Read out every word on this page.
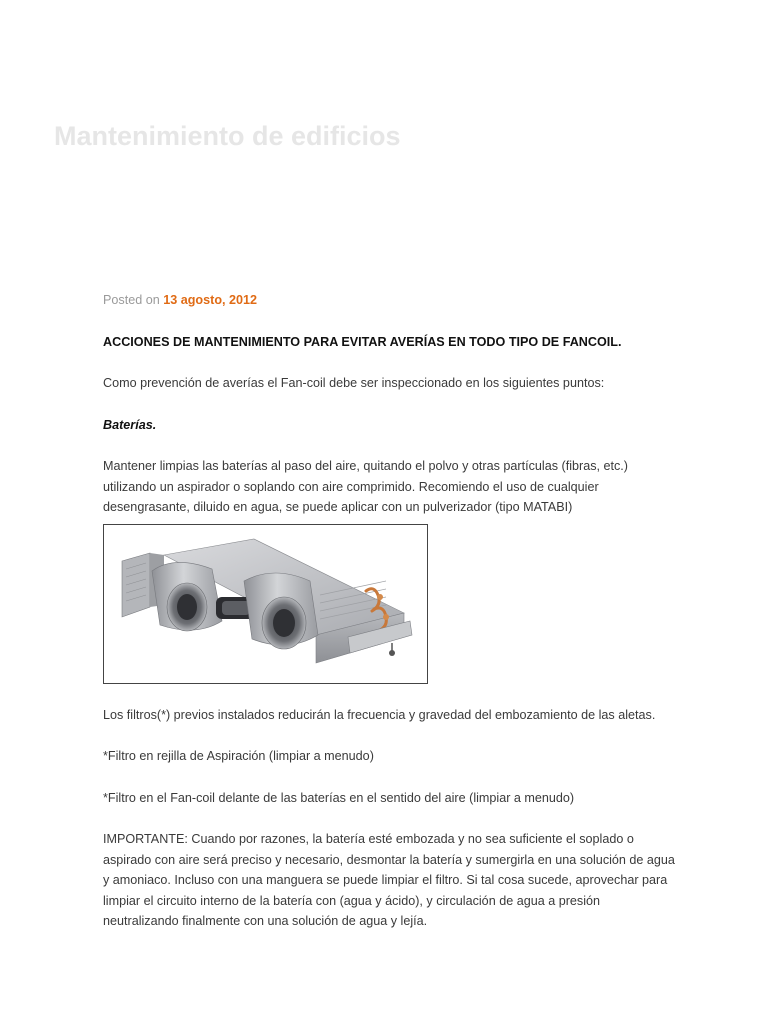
Mantenimiento de edificios

Posted on 13 agosto, 2012

ACCIONES DE MANTENIMIENTO PARA EVITAR AVERÍAS EN TODO TIPO DE FANCOIL.

Como prevención de averías el Fan-coil debe ser inspeccionado en los siguientes puntos:

Baterías.

Mantener limpias las baterías al paso del aire, quitando el polvo y otras partículas (fibras, etc.) utilizando un aspirador o soplando con aire comprimido. Recomiendo el uso de cualquier desengrasante, diluido en agua, se puede aplicar con un pulverizador (tipo MATABI)

Los filtros(*) previos instalados reducirán la frecuencia y gravedad del embozamiento de las aletas.

*Filtro en rejilla de Aspiración (limpiar a menudo)

*Filtro en el Fan-coil delante de las baterías en el sentido del aire (limpiar a menudo)

IMPORTANTE: Cuando por razones, la batería esté embozada y no sea suficiente el soplado o aspirado con aire será preciso y necesario, desmontar la batería y sumergirla en una solución de agua y amoniaco. Incluso con una manguera se puede limpiar el filtro. Si tal cosa sucede, aprovechar para limpiar el circuito interno de la batería con (agua y ácido), y circulación de agua a presión neutralizando finalmente con una solución de agua y lejía.
